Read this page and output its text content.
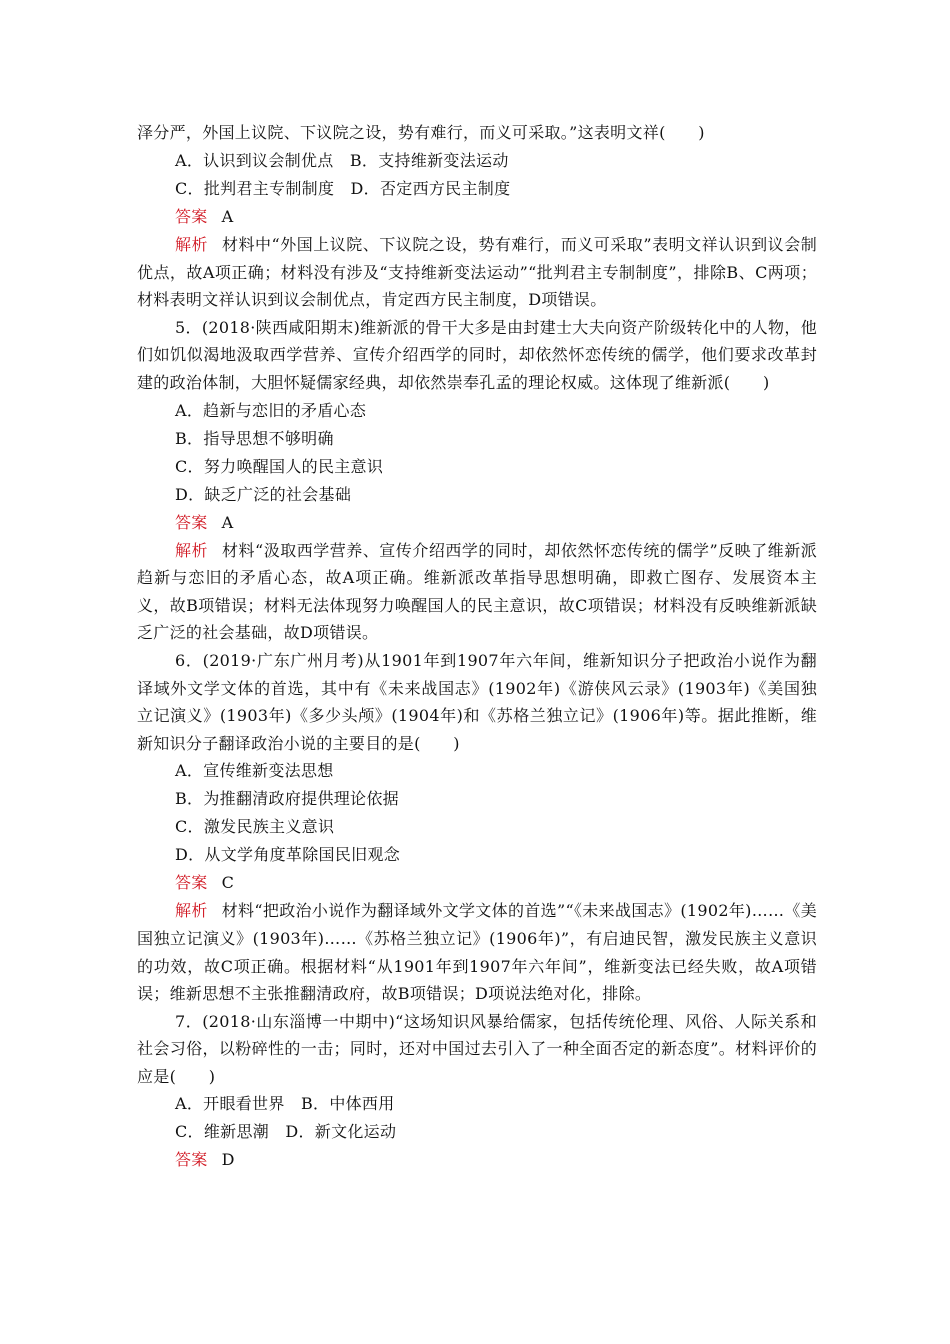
泽分严，外国上议院、下议院之设，势有难行，而义可采取。”这表明文祥(　　)
A．认识到议会制优点　B．支持维新变法运动
C．批判君主专制制度　D．否定西方民主制度
答案 A
解析 材料中“外国上议院、下议院之设，势有难行，而义可采取”表明文祥认识到议会制优点，故A项正确；材料没有涉及“支持维新变法运动”“批判君主专制制度”，排除B、C两项；材料表明文祥认识到议会制优点，肯定西方民主制度，D项错误。
5．(2018·陕西咸阳期末)维新派的骨干大多是由封建士大夫向资产阶级转化中的人物，他们如饥似渴地汲取西学营养、宣传介绍西学的同时，却依然怀恋传统的儒学，他们要求改革封建的政治体制，大胆怀疑儒家经典，却依然崇奉孔孟的理论权威。这体现了维新派(　　)
A．趋新与恋旧的矛盾心态
B．指导思想不够明确
C．努力唤醒国人的民主意识
D．缺乏广泛的社会基础
答案 A
解析 材料“汲取西学营养、宣传介绍西学的同时，却依然怀恋传统的儒学”反映了维新派趋新与恋旧的矛盾心态，故A项正确。维新派改革指导思想明确，即救亡图存、发展资本主义，故B项错误；材料无法体现努力唤醒国人的民主意识，故C项错误；材料没有反映维新派缺乏广泛的社会基础，故D项错误。
6．(2019·广东广州月考)从1901年到1907年六年间，维新知识分子把政治小说作为翻译域外文学文体的首选，其中有《未来战国志》(1902年)《游侠风云录》(1903年)《美国独立记演义》(1903年)《多少头颅》(1904年)和《苏格兰独立记》(1906年)等。据此推断，维新知识分子翻译政治小说的主要目的是(　　)
A．宣传维新变法思想
B．为推翻清政府提供理论依据
C．激发民族主义意识
D．从文学角度革除国民旧观念
答案 C
解析 材料“把政治小说作为翻译域外文学文体的首选”“《未来战国志》(1902年)……《美国独立记演义》(1903年)……《苏格兰独立记》(1906年)”，有启迪民智，激发民族主义意识的功效，故C项正确。根据材料“从1901年到1907年六年间”，维新变法已经失败，故A项错误；维新思想不主张推翻清政府，故B项错误；D项说法绝对化，排除。
7．(2018·山东淄博一中期中)“这场知识风暴给儒家，包括传统伦理、风俗、人际关系和社会习俗，以粉碎性的一击；同时，还对中国过去引入了一种全面否定的新态度”。材料评价的应是(　　)
A．开眼看世界　B．中体西用
C．维新思潮　D．新文化运动
答案 D
